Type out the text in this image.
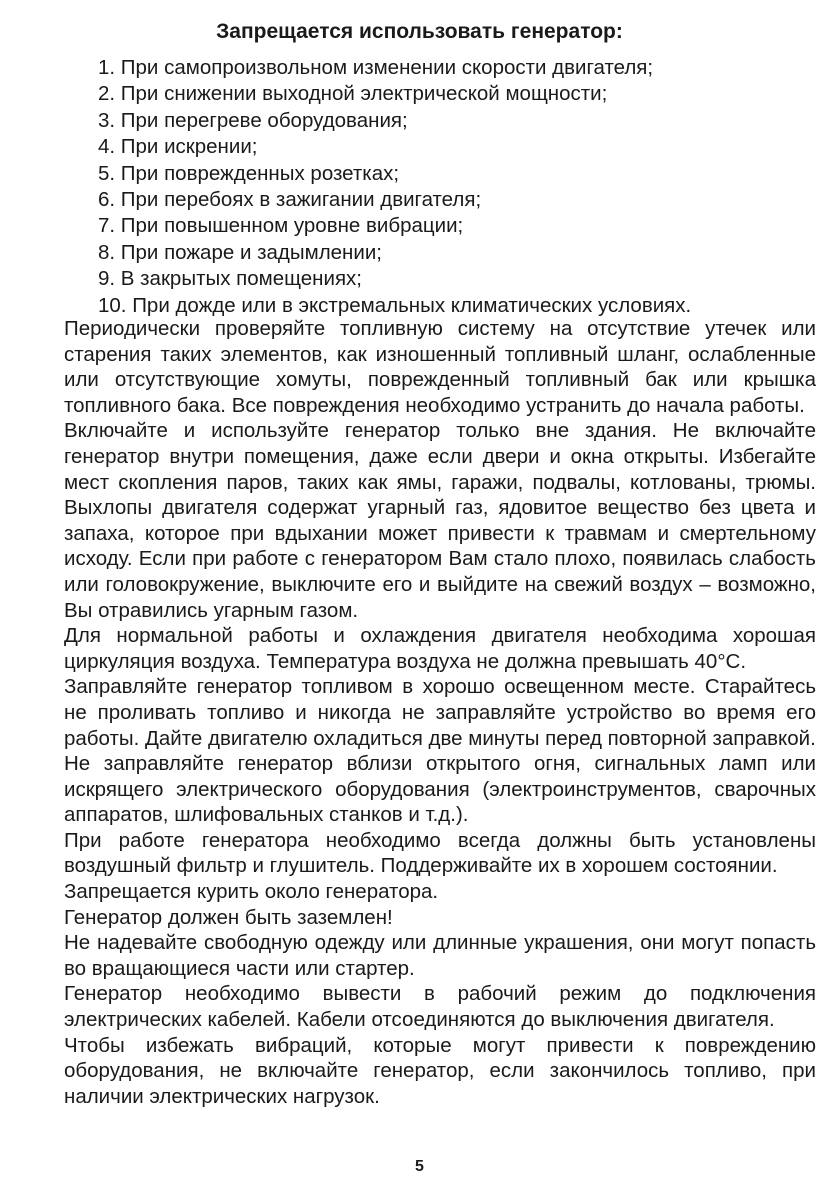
Запрещается использовать генератор:
1. При самопроизвольном изменении скорости двигателя;
2. При снижении выходной электрической мощности;
3. При перегреве оборудования;
4. При искрении;
5. При поврежденных розетках;
6. При перебоях в зажигании двигателя;
7. При повышенном уровне вибрации;
8. При пожаре и задымлении;
9. В закрытых помещениях;
10. При дожде или в экстремальных климатических условиях.

Периодически проверяйте топливную систему на отсутствие утечек или старения таких элементов, как изношенный топливный шланг, ослабленные или отсутствующие хомуты, поврежденный топливный бак или крышка топливного бака. Все повреждения необходимо устранить до начала работы.

Включайте и используйте генератор только вне здания. Не включайте генератор внутри помещения, даже если двери и окна открыты. Избегайте мест скопления паров, таких как ямы, гаражи, подвалы, котлованы, трюмы. Выхлопы двигателя содержат угарный газ, ядовитое вещество без цвета и запаха, которое при вдыхании может привести к травмам и смертельному исходу. Если при работе с генератором Вам стало плохо, появилась слабость или головокружение, выключите его и выйдите на свежий воздух – возможно, Вы отравились угарным газом.

Для нормальной работы и охлаждения двигателя необходима хорошая циркуляция воздуха. Температура воздуха не должна превышать 40°С.

Заправляйте генератор топливом в хорошо освещенном месте. Старайтесь не проливать топливо и никогда не заправляйте устройство во время его работы. Дайте двигателю охладиться две минуты перед повторной заправкой.

Не заправляйте генератор вблизи открытого огня, сигнальных ламп или искрящего электрического оборудования (электроинструментов, сварочных аппаратов, шлифовальных станков и т.д.).

При работе генератора необходимо всегда должны быть установлены воздушный фильтр и глушитель. Поддерживайте их в хорошем состоянии.

Запрещается курить около генератора.

Генератор должен быть заземлен!

Не надевайте свободную одежду или длинные украшения, они могут попасть во вращающиеся части или стартер.

Генератор необходимо вывести в рабочий режим до подключения электрических кабелей. Кабели отсоединяются до выключения двигателя.

Чтобы избежать вибраций, которые могут привести к повреждению оборудования, не включайте генератор, если закончилось топливо, при наличии электрических нагрузок.

5
